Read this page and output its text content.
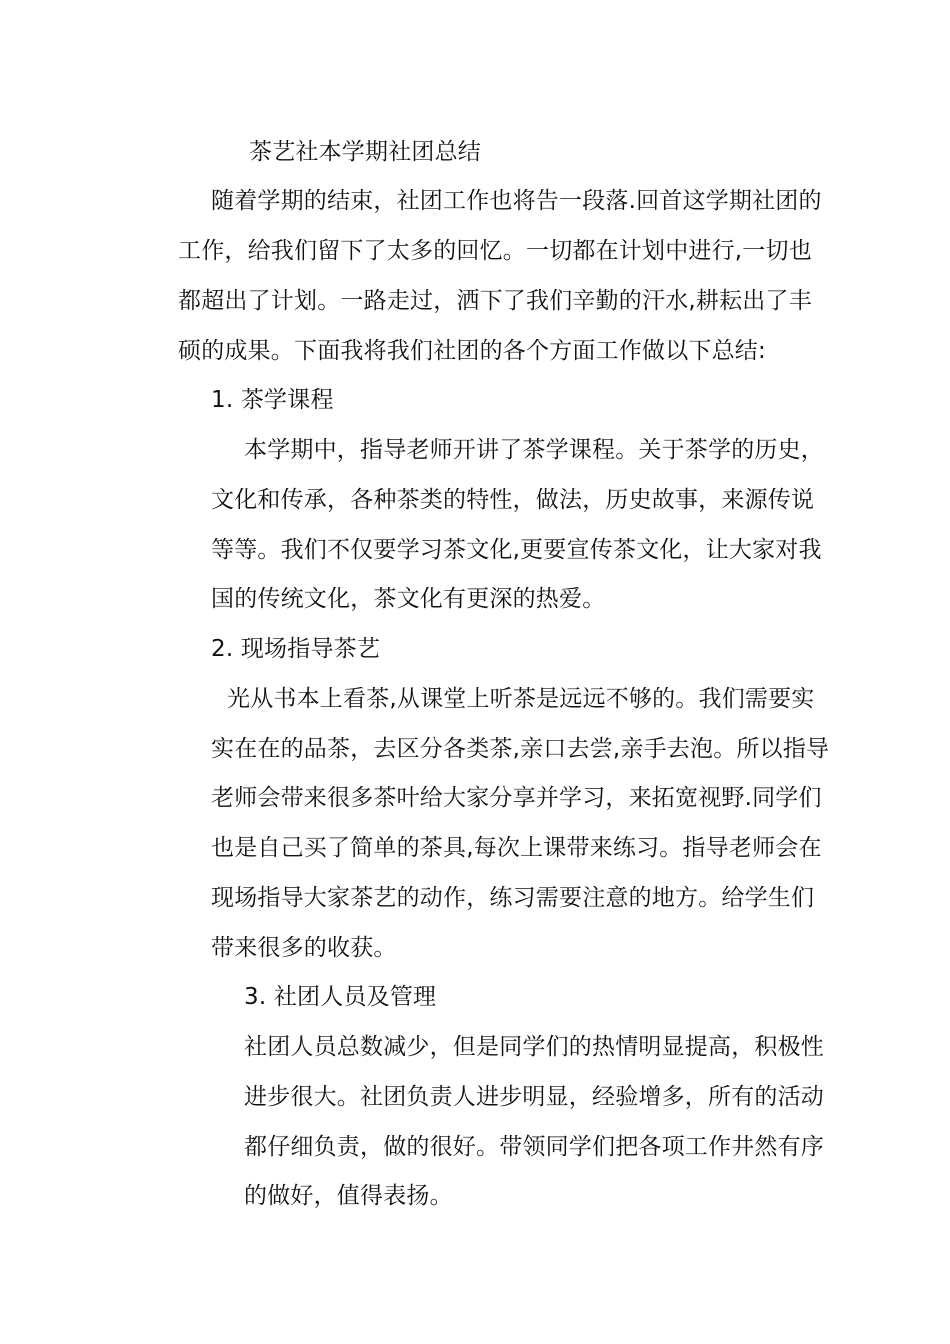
茶艺社本学期社团总结
随着学期的结束，社团工作也将告一段落.回首这学期社团的
工作，给我们留下了太多的回忆。一切都在计划中进行,一切也
都超出了计划。一路走过，洒下了我们辛勤的汗水,耕耘出了丰
硕的成果。下面我将我们社团的各个方面工作做以下总结:
1. 茶学课程
本学期中，指导老师开讲了茶学课程。关于茶学的历史，
文化和传承，各种茶类的特性，做法，历史故事，来源传说
等等。我们不仅要学习茶文化,更要宣传茶文化，让大家对我
国的传统文化，茶文化有更深的热爱。
2. 现场指导茶艺
光从书本上看茶,从课堂上听茶是远远不够的。我们需要实
实在在的品茶，去区分各类茶,亲口去尝,亲手去泡。所以指导
老师会带来很多茶叶给大家分享并学习，来拓宽视野.同学们
也是自己买了简单的茶具,每次上课带来练习。指导老师会在
现场指导大家茶艺的动作，练习需要注意的地方。给学生们
带来很多的收获。
3. 社团人员及管理
社团人员总数减少，但是同学们的热情明显提高，积极性
进步很大。社团负责人进步明显，经验增多，所有的活动
都仔细负责，做的很好。带领同学们把各项工作井然有序
的做好，值得表扬。
